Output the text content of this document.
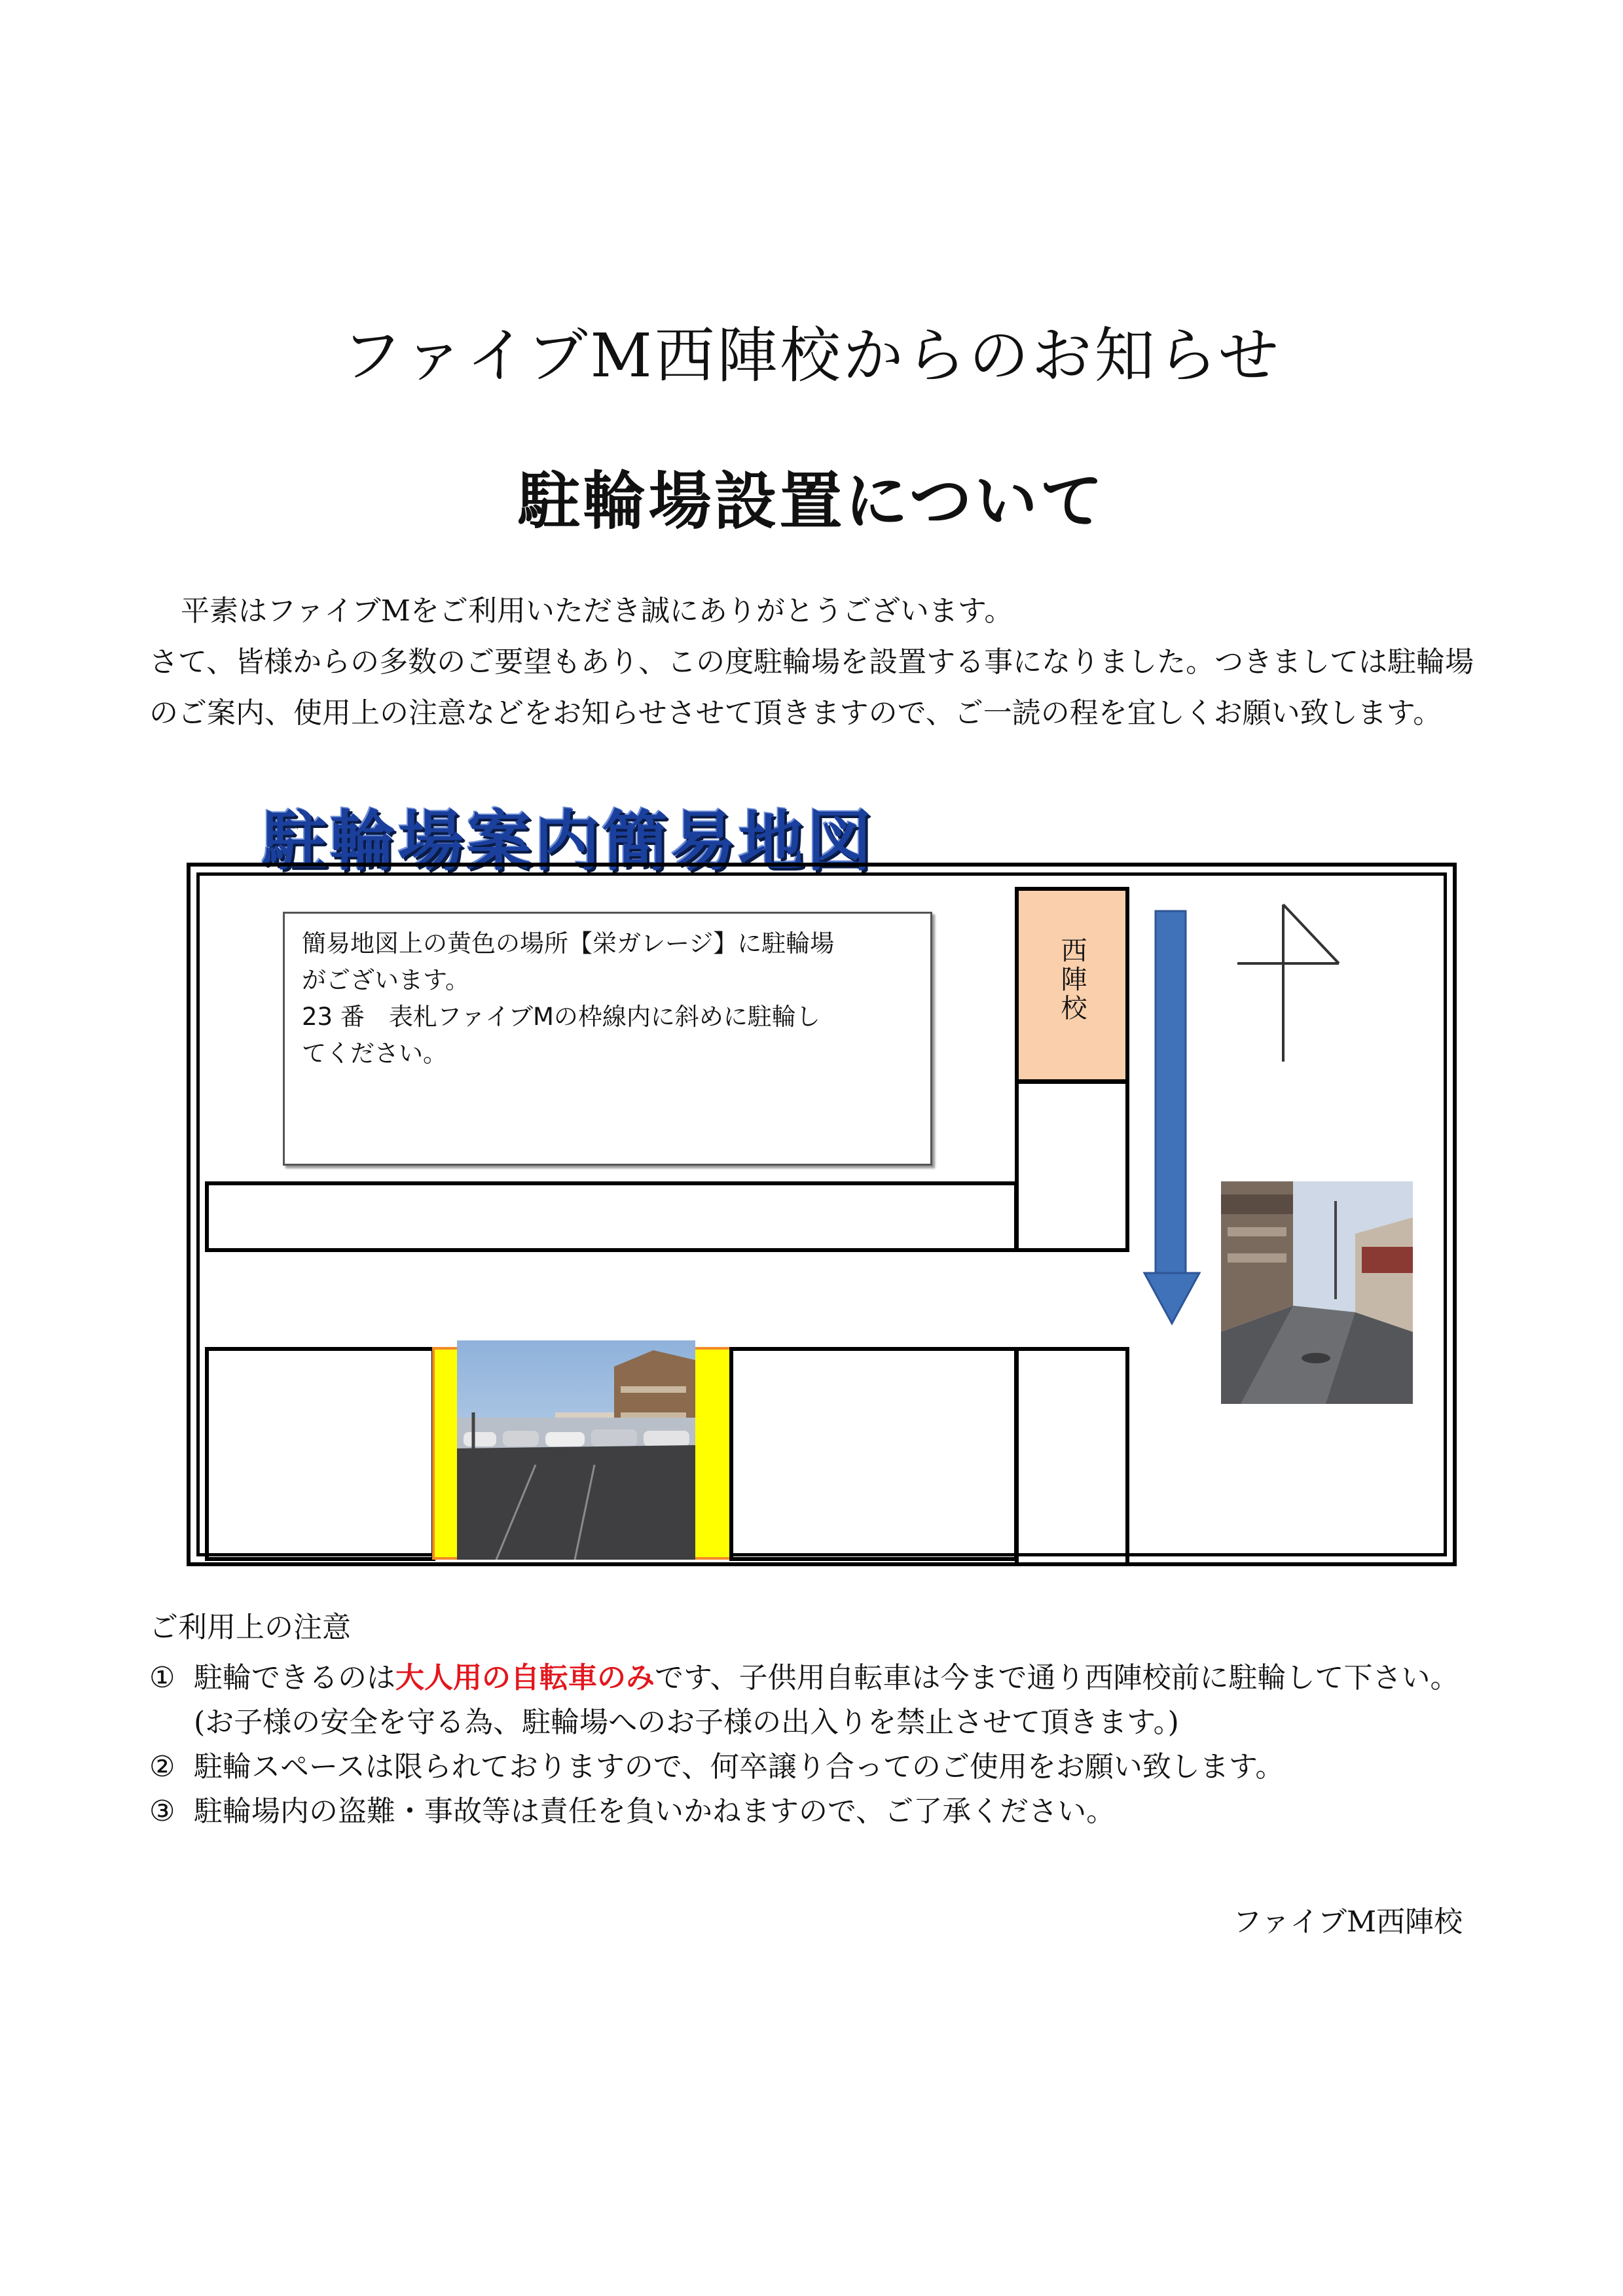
ファイブM西陣校からのお知らせ
駐輪場設置について

平素はファイブMをご利用いただき誠にありがとうございます。

さて、皆様からの多数のご要望もあり、この度駐輪場を設置する事になりました。つきましては駐輪場のご案内、使用上の注意などをお知らせさせて頂きますので、ご一読の程を宜しくお願い致します。

駐輪場案内簡易地図
簡易地図上の黄色の場所【栄ガレージ】に駐輪場
がございます。
23 番　表札ファイブMの枠線内に斜めに駐輪し
てください。
西陣校
ご利用上の注意
① 駐輪できるのは大人用の自転車のみです、子供用自転車は今まで通り西陣校前に駐輪して下さい。(お子様の安全を守る為、駐輪場へのお子様の出入りを禁止させて頂きます。)
② 駐輪スペースは限られておりますので、何卒譲り合ってのご使用をお願い致します。
③ 駐輪場内の盗難・事故等は責任を負いかねますので、ご了承ください。
ファイブM西陣校
